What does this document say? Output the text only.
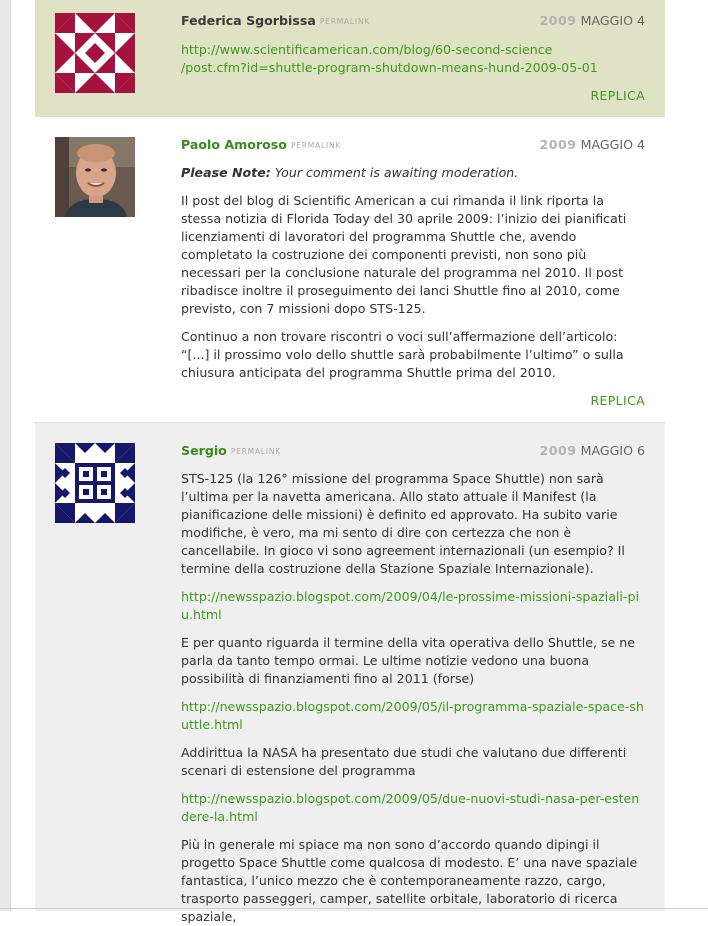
Federica Sgorbissa PERMALINK	2009 MAGGIO 4
http://www.scientificamerican.com/blog/60-second-science
/post.cfm?id=shuttle-program-shutdown-means-hund-2009-05-01
REPLICA
Paolo Amoroso PERMALINK	2009 MAGGIO 4
Please Note: Your comment is awaiting moderation.

Il post del blog di Scientific American a cui rimanda il link riporta la stessa notizia di Florida Today del 30 aprile 2009: l’inizio dei pianificati licenziamenti di lavoratori del programma Shuttle che, avendo completato la costruzione dei componenti previsti, non sono più necessari per la conclusione naturale del programma nel 2010. Il post ribadisce inoltre il proseguimento dei lanci Shuttle fino al 2010, come previsto, con 7 missioni dopo STS-125.

Continuo a non trovare riscontri o voci sull’affermazione dell’articolo: “[...] il prossimo volo dello shuttle sarà probabilmente l’ultimo” o sulla chiusura anticipata del programma Shuttle prima del 2010.

REPLICA
Sergio PERMALINK	2009 MAGGIO 6
STS-125 (la 126° missione del programma Space Shuttle) non sarà l’ultima per la navetta americana. Allo stato attuale il Manifest (la pianificazione delle missioni) è definito ed approvato. Ha subito varie modifiche, è vero, ma mi sento di dire con certezza che non è cancellabile. In gioco vi sono agreement internazionali (un esempio? Il termine della costruzione della Stazione Spaziale Internazionale).

http://newsspazio.blogspot.com/2009/04/le-prossime-missioni-spaziali-piu.html

E per quanto riguarda il termine della vita operativa dello Shuttle, se ne parla da tanto tempo ormai. Le ultime notizie vedono una buona possibilità di finanziamenti fino al 2011 (forse)

http://newsspazio.blogspot.com/2009/05/il-programma-spaziale-space-shuttle.html

Addirittua la NASA ha presentato due studi che valutano due differenti scenari di estensione del programma

http://newsspazio.blogspot.com/2009/05/due-nuovi-studi-nasa-per-estendere-la.html

Più in generale mi spiace ma non sono d’accordo quando dipingi il progetto Space Shuttle come qualcosa di modesto. E’ una nave spaziale fantastica, l’unico mezzo che è contemporaneamente razzo, cargo, trasporto passeggeri, camper, satellite orbitale, laboratorio di ricerca spaziale,
